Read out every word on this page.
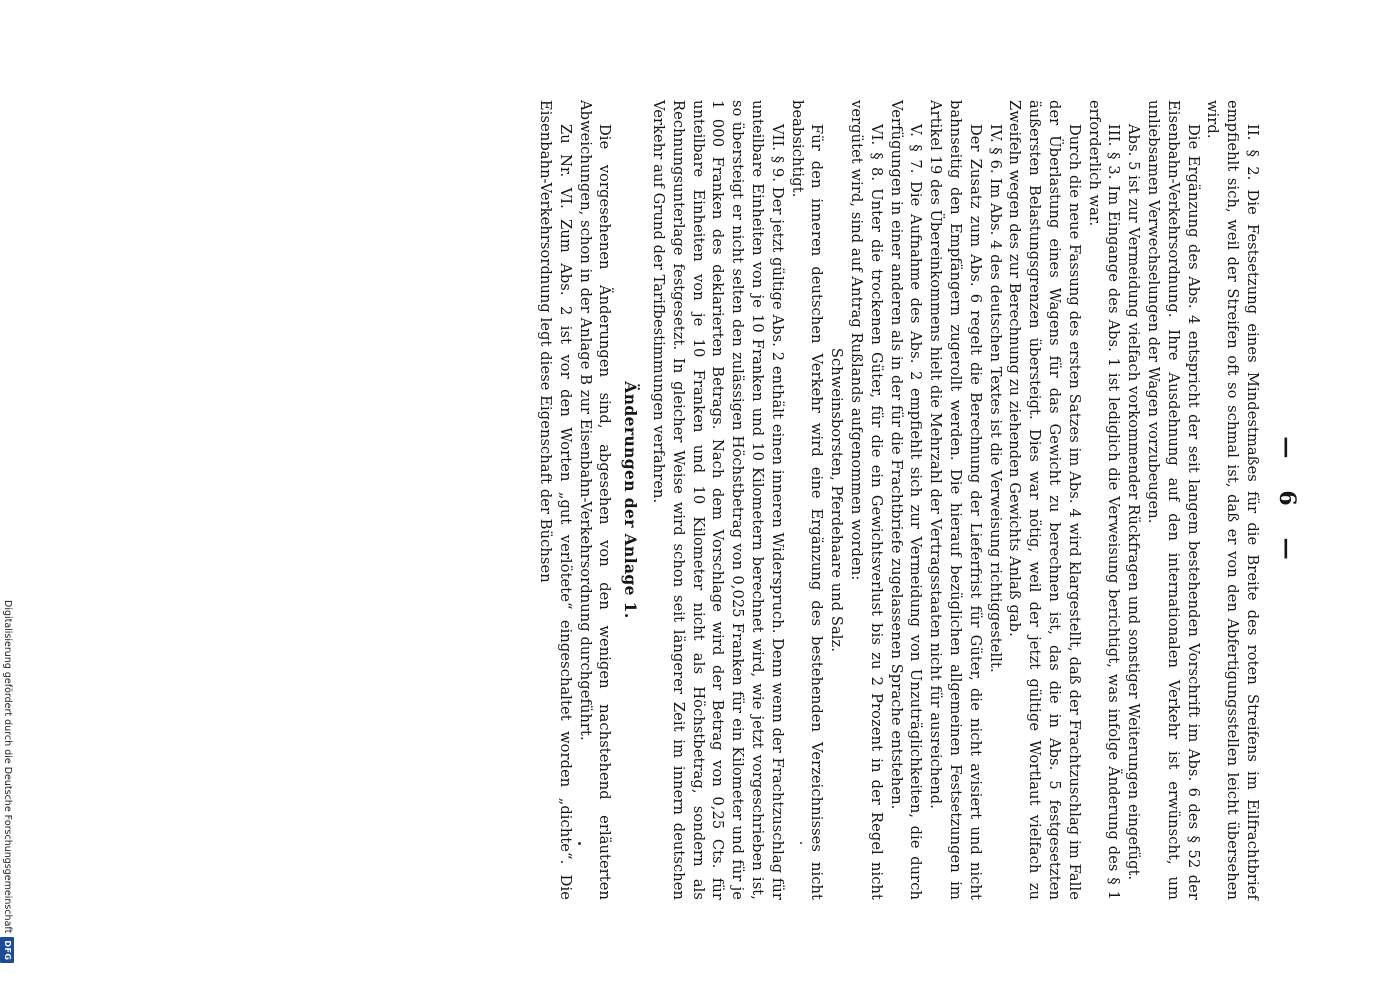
—6—

II. § 2. Die Festsetzung eines Mindestmaßes für die Breite des roten Streifens im Eilfrachtbrief empfiehlt sich, weil der Streifen oft so schmal ist, daß er von den Abfertigungsstellen leicht übersehen wird.

Die Ergänzung des Abs. 4 entspricht der seit langem bestehenden Vorschrift im Abs. 6 des § 52 der Eisenbahn-Verkehrsordnung. Ihre Ausdehnung auf den internationalen Verkehr ist erwünscht, um unliebsamen Verwechselungen der Wagen vorzubeugen.

Abs. 5 ist zur Vermeidung vielfach vorkommender Rückfragen und sonstiger Weiterungen eingefügt.

III. § 3. Im Eingange des Abs. 1 ist lediglich die Verweisung berichtigt, was infolge Änderung des § 1 erforderlich war.

Durch die neue Fassung des ersten Satzes im Abs. 4 wird klargestellt, daß der Frachtzuschlag im Falle der Überlastung eines Wagens für das Gewicht zu berechnen ist, das die in Abs. 5 festgesetzten äußersten Belastungsgrenzen übersteigt. Dies war nötig, weil der jetzt gültige Wortlaut vielfach zu Zweifeln wegen des zur Berechnung zu ziehenden Gewichts Anlaß gab.

IV. § 6. Im Abs. 4 des deutschen Textes ist die Verweisung richtiggestellt.

Der Zusatz zum Abs. 6 regelt die Berechnung der Lieferfrist für Güter, die nicht avisiert und nicht bahnseitig den Empfängern zugerollt werden. Die hierauf bezüglichen allgemeinen Festsetzungen im Artikel 19 des Übereinkommens hielt die Mehrzahl der Vertragsstaaten nicht für ausreichend.

V. § 7. Die Aufnahme des Abs. 2 empfiehlt sich zur Vermeidung von Unzuträglichkeiten, die durch Verfügungen in einer anderen als in der für die Frachtbriefe zugelassenen Sprache entstehen.

VI. § 8. Unter die trockenen Güter, für die ein Gewichtsverlust bis zu 2 Prozent in der Regel nicht vergütet wird, sind auf Antrag Rußlands aufgenommen worden:

Schweinsborsten, Pferdehaare und Salz.

Für den inneren deutschen Verkehr wird eine Ergänzung des bestehenden Verzeichnisses nicht beabsichtigt.

VII. § 9. Der jetzt gültige Abs. 2 enthält einen inneren Widerspruch. Denn wenn der Frachtzuschlag für unteilbare Einheiten von je 10 Franken und 10 Kilometern berechnet wird, wie jetzt vorgeschrieben ist, so übersteigt er nicht selten den zulässigen Höchstbetrag von 0,025 Franken für ein Kilometer und für je 1 000 Franken des deklarierten Betrags. Nach dem Vorschlage wird der Betrag von 0,25 Cts. für unteilbare Einheiten von je 10 Franken und 10 Kilometer nicht als Höchstbetrag, sondern als Rechnungsunterlage festgesetzt. In gleicher Weise wird schon seit längerer Zeit im innern deutschen Verkehr auf Grund der Tarifbestimmungen verfahren.

Änderungen der Anlage 1.

Die vorgesehenen Änderungen sind, abgesehen von den wenigen nachstehend erläuterten Abweichungen, schon in der Anlage B zur Eisenbahn-Verkehrsordnung durchgeführt.

Zu Nr. VI. Zum Abs. 2 ist vor den Worten „gut verlötete“ eingeschaltet worden „dichte“. Die Eisenbahn-Verkehrsordnung legt diese Eigenschaft der Büchsen

Digitalisierung gefördert durch die Deutsche ForschungsgemeinschaftDFG
